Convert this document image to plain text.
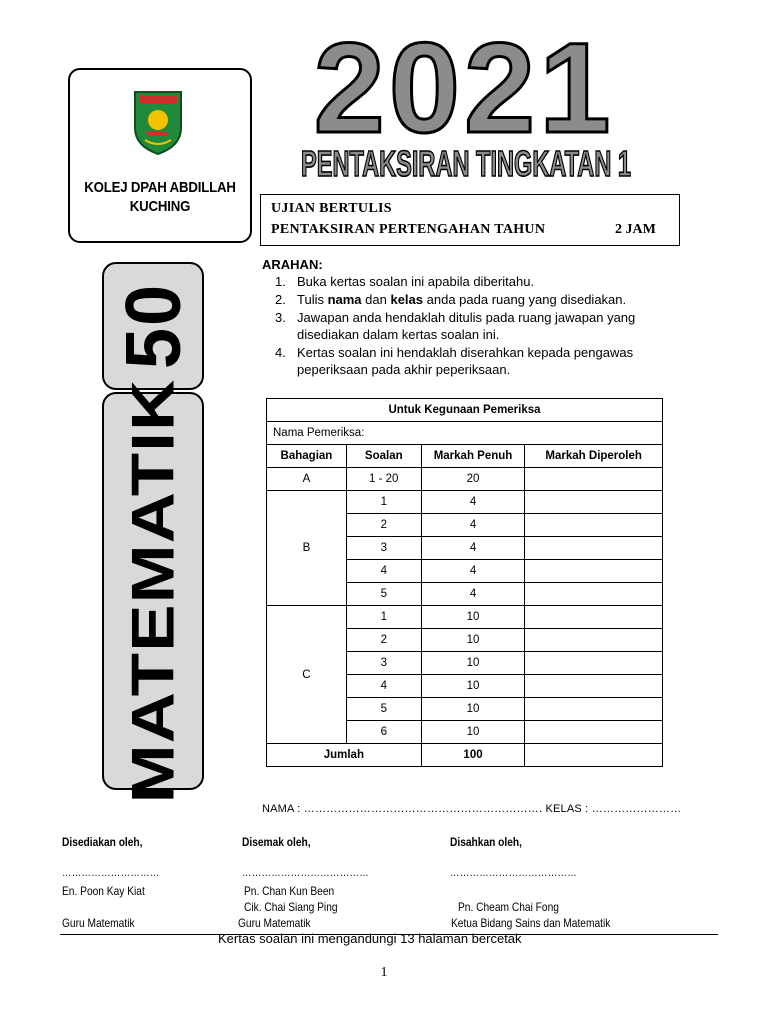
KOLEJ DPAH ABDILLAH
KUCHING
2021
PENTAKSIRAN TINGKATAN 1
UJIAN BERTULIS
PENTAKSIRAN PERTENGAHAN TAHUN	2 JAM
50
MATEMATIK
ARAHAN:
1. Buka kertas soalan ini apabila diberitahu.
2. Tulis nama dan kelas anda pada ruang yang disediakan.
3. Jawapan anda hendaklah ditulis pada ruang jawapan yang disediakan dalam kertas soalan ini.
4. Kertas soalan ini hendaklah diserahkan kepada pengawas peperiksaan pada akhir peperiksaan.
Untuk Kegunaan Pemeriksa			
Nama Pemeriksa:			
Bahagian	Soalan	Markah Penuh	Markah Diperoleh
A	1 - 20	20	
B	1	4	
	2	4	
	3	4	
	4	4	
	5	4	
C	1	10	
	2	10	
	3	10	
	4	10	
	5	10	
	6	10	
Jumlah		100	
NAMA : ………………………………………………………. KELAS : ……………………
Disediakan oleh,
…………………………
En. Poon Kay Kiat
Guru Matematik
Disemak oleh,
…………………………………
Pn. Chan Kun Been
Cik. Chai Siang Ping
Guru Matematik
Disahkan oleh,
…………………………………
Pn. Cheam Chai Fong
Ketua Bidang Sains dan Matematik
Kertas soalan ini mengandungi 13 halaman bercetak
1
